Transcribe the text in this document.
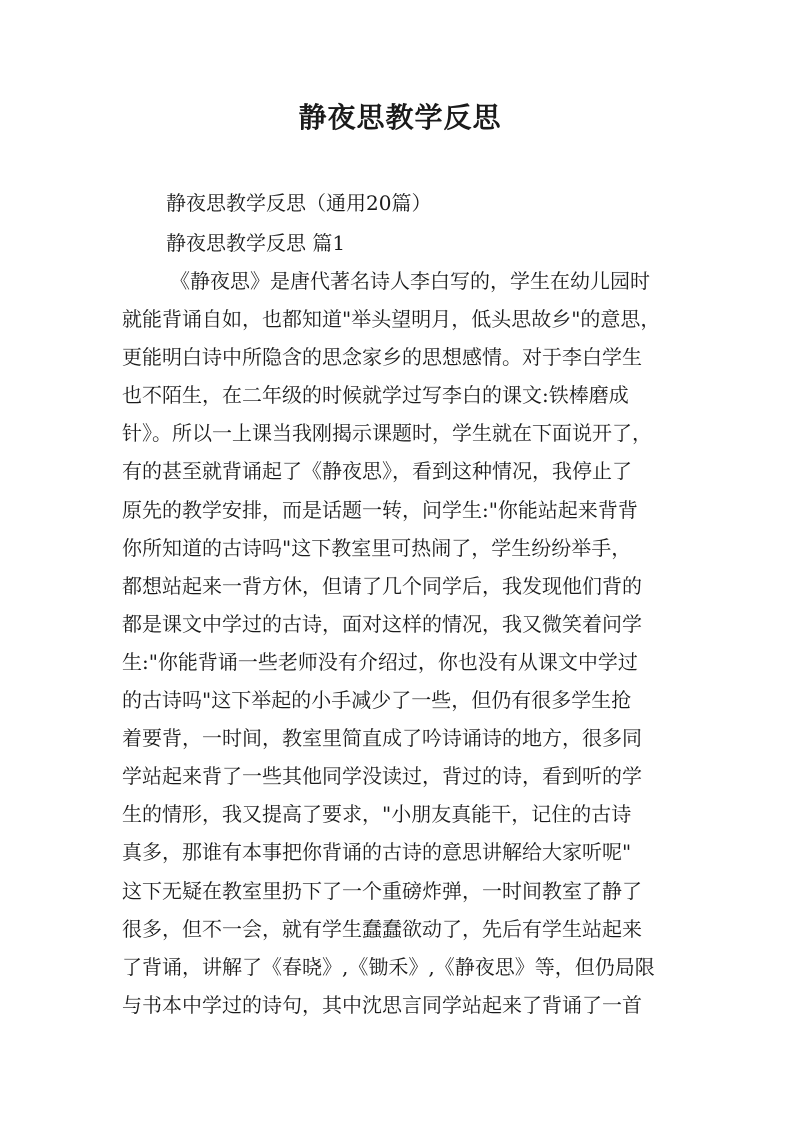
静夜思教学反思

静夜思教学反思（通用20篇）

静夜思教学反思 篇1

《静夜思》是唐代著名诗人李白写的，学生在幼儿园时
就能背诵自如，也都知道"举头望明月，低头思故乡"的意思，
更能明白诗中所隐含的思念家乡的思想感情。对于李白学生
也不陌生，在二年级的时候就学过写李白的课文:铁棒磨成
针》。所以一上课当我刚揭示课题时，学生就在下面说开了，
有的甚至就背诵起了《静夜思》，看到这种情况，我停止了
原先的教学安排，而是话题一转，问学生:"你能站起来背背
你所知道的古诗吗"这下教室里可热闹了，学生纷纷举手，
都想站起来一背方休，但请了几个同学后，我发现他们背的
都是课文中学过的古诗，面对这样的情况，我又微笑着问学
生:"你能背诵一些老师没有介绍过，你也没有从课文中学过
的古诗吗"这下举起的小手减少了一些，但仍有很多学生抢
着要背，一时间，教室里简直成了吟诗诵诗的地方，很多同
学站起来背了一些其他同学没读过，背过的诗，看到听的学
生的情形，我又提高了要求，"小朋友真能干，记住的古诗
真多，那谁有本事把你背诵的古诗的意思讲解给大家听呢"
这下无疑在教室里扔下了一个重磅炸弹，一时间教室了静了
很多，但不一会，就有学生蠢蠢欲动了，先后有学生站起来
了背诵，讲解了《春晓》,《锄禾》,《静夜思》等，但仍局限
与书本中学过的诗句，其中沈思言同学站起来了背诵了一首
